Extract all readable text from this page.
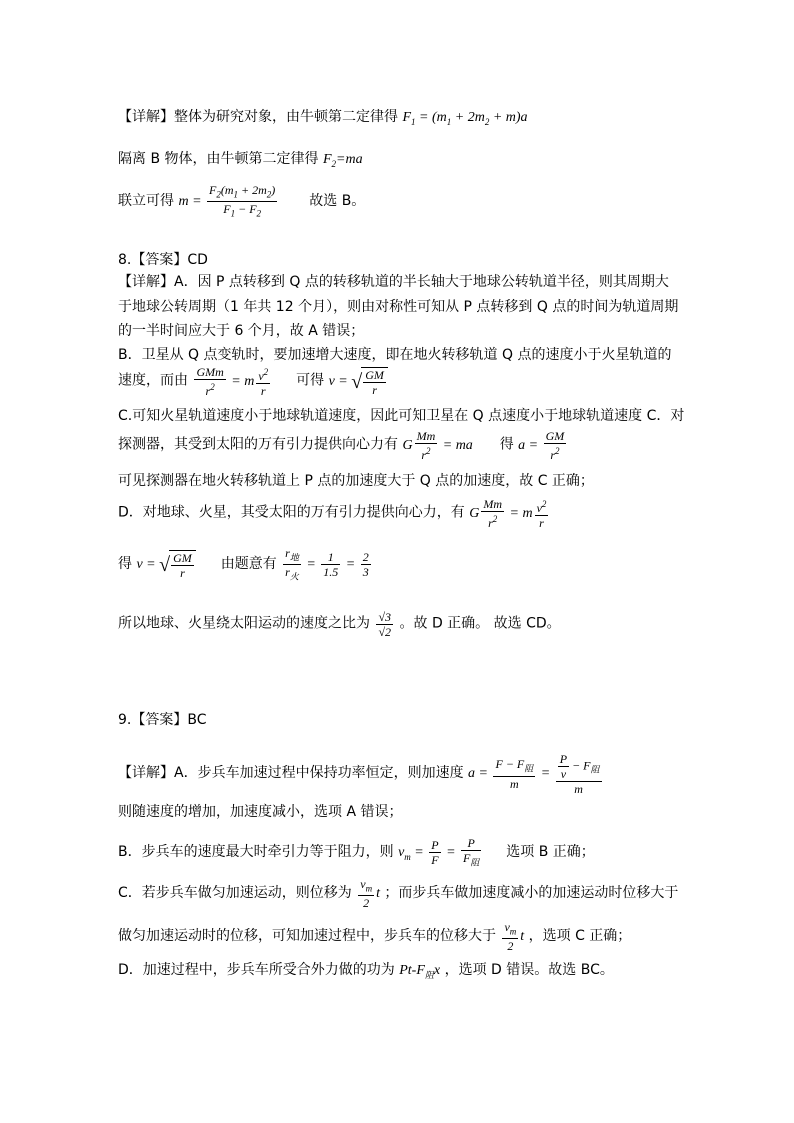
【详解】整体为研究对象，由牛顿第二定律得 $F_1 = (m_1 + 2m_2 + m)a$
隔离 B 物体，由牛顿第二定律得 $F_2=ma$
联立可得 $m = \frac{F_2(m_1 + 2m_2)}{F_1 - F_2}$ 故选 B。
8.【答案】CD
【详解】A．因 P 点转移到 Q 点的转移轨道的半长轴大于地球公转轨道半径，则其周期大
于地球公转周期（1 年共 12 个月），则由对称性可知从 P 点转移到 Q 点的时间为轨道周期
的一半时间应大于 6 个月，故 A 错误；
B．卫星从 Q 点变轨时，要加速增大速度，即在地火转移轨道 Q 点的速度小于火星轨道的
速度，而由 $\frac{\text{GMm}}{r^2} = m \frac{v^2}{r}$ 可得 v = √ $\frac{GM}{r}$
C.可知火星轨道速度小于地球轨道速度，因此可知卫星在 Q 点速度小于地球轨道速度 C．对
探测器，其受到太阳的万有引力提供向心力有 G $\frac{Mm}{r^2}$ = ma 得 $a = \frac{GM}{r^2}$
可见探测器在地火转移轨道上 P 点的加速度大于 Q 点的加速度，故 C 正确；
D．对地球、火星，其受太阳的万有引力提供向心力，有 G $\frac{Mm}{r^2} = m \frac{v^2}{r}$
得 v = √ $\frac{GM}{r}$ 由题意有 $\frac{r_地}{r_火} = \frac{1}{1.5} = \frac{2}{3}$
所以地球、火星绕太阳运动的速度之比为 $\frac{√3}{√2}$ 。故 D 正确。 故选 CD。
9.【答案】BC
【详解】A．步兵车加速过程中保持功率恒定，则加速度 $a = \frac{F - F_阻}{m} = \frac{\frac{P}{v} - F_阻}{m}$
则随速度的增加，加速度减小，选项 A 错误；
B．步兵车的速度最大时牵引力等于阻力，则 $v_m = \frac{P}{F} = \frac{P}{F_阻}$ 选项 B 正确；
C．若步兵车做匀加速运动，则位移为 $\frac{v_m}{2}$ t ；而步兵车做加速度减小的加速运动时位移大于
做匀加速运动时的位移，可知加速过程中，步兵车的位移大于 $\frac{v_m}{2}$ t ，选项 C 正确；
D．加速过程中，步兵车所受合外力做的功为 $Pt-F_阻x$ ，选项 D 错误。故选 BC。
